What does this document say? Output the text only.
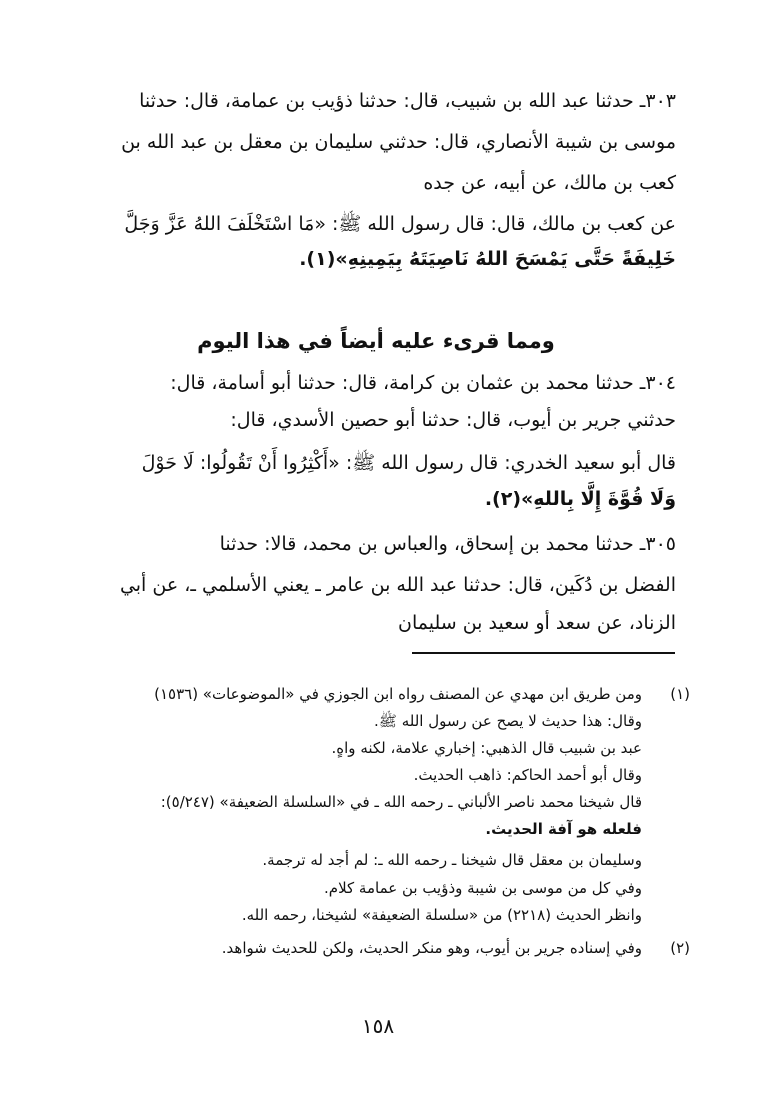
٣٠٣ـ حدثنا عبد الله بن شبيب، قال: حدثنا ذؤيب بن عمامة، قال: حدثنا
موسى بن شيبة الأنصاري، قال: حدثني سليمان بن معقل بن عبد الله بن
كعب بن مالك، عن أبيه، عن جده
عن كعب بن مالك، قال: قال رسول الله ﷺ: «مَا اسْتَخْلَفَ اللهُ عَزَّ وَجَلَّ
خَلِيفَةً حَتَّى يَمْسَحَ اللهُ نَاصِيَتَهُ بِيَمِينِهِ»(١).
ومما قرىء عليه أيضاً في هذا اليوم
٣٠٤ـ حدثنا محمد بن عثمان بن كرامة، قال: حدثنا أبو أسامة، قال:
حدثني جرير بن أيوب، قال: حدثنا أبو حصين الأسدي، قال:
قال أبو سعيد الخدري: قال رسول الله ﷺ: «أَكْثِرُوا أَنْ تَقُولُوا: لَا حَوْلَ
وَلَا قُوَّةَ إِلَّا بِاللهِ»(٢).
٣٠٥ـ حدثنا محمد بن إسحاق، والعباس بن محمد، قالا: حدثنا
الفضل بن دُكَين، قال: حدثنا عبد الله بن عامر ـ يعني الأسلمي ـ، عن أبي
الزناد، عن سعد أو سعيد بن سليمان
(١)
ومن طريق ابن مهدي عن المصنف رواه ابن الجوزي في «الموضوعات» (١٥٣٦)
وقال: هذا حديث لا يصح عن رسول الله ﷺ.
عبد بن شبيب قال الذهبي: إخباري علامة، لكنه واهٍ.
وقال أبو أحمد الحاكم: ذاهب الحديث.
قال شيخنا محمد ناصر الألباني ـ رحمه الله ـ في «السلسلة الضعيفة» (٥/٢٤٧):
فلعله هو آفة الحديث.
وسليمان بن معقل قال شيخنا ـ رحمه الله ـ: لم أجد له ترجمة.
وفي كل من موسى بن شيبة وذؤيب بن عمامة كلام.
وانظر الحديث (٢٢١٨) من «سلسلة الضعيفة» لشيخنا، رحمه الله.
(٢)
وفي إسناده جرير بن أيوب، وهو منكر الحديث، ولكن للحديث شواهد.
١٥٨
